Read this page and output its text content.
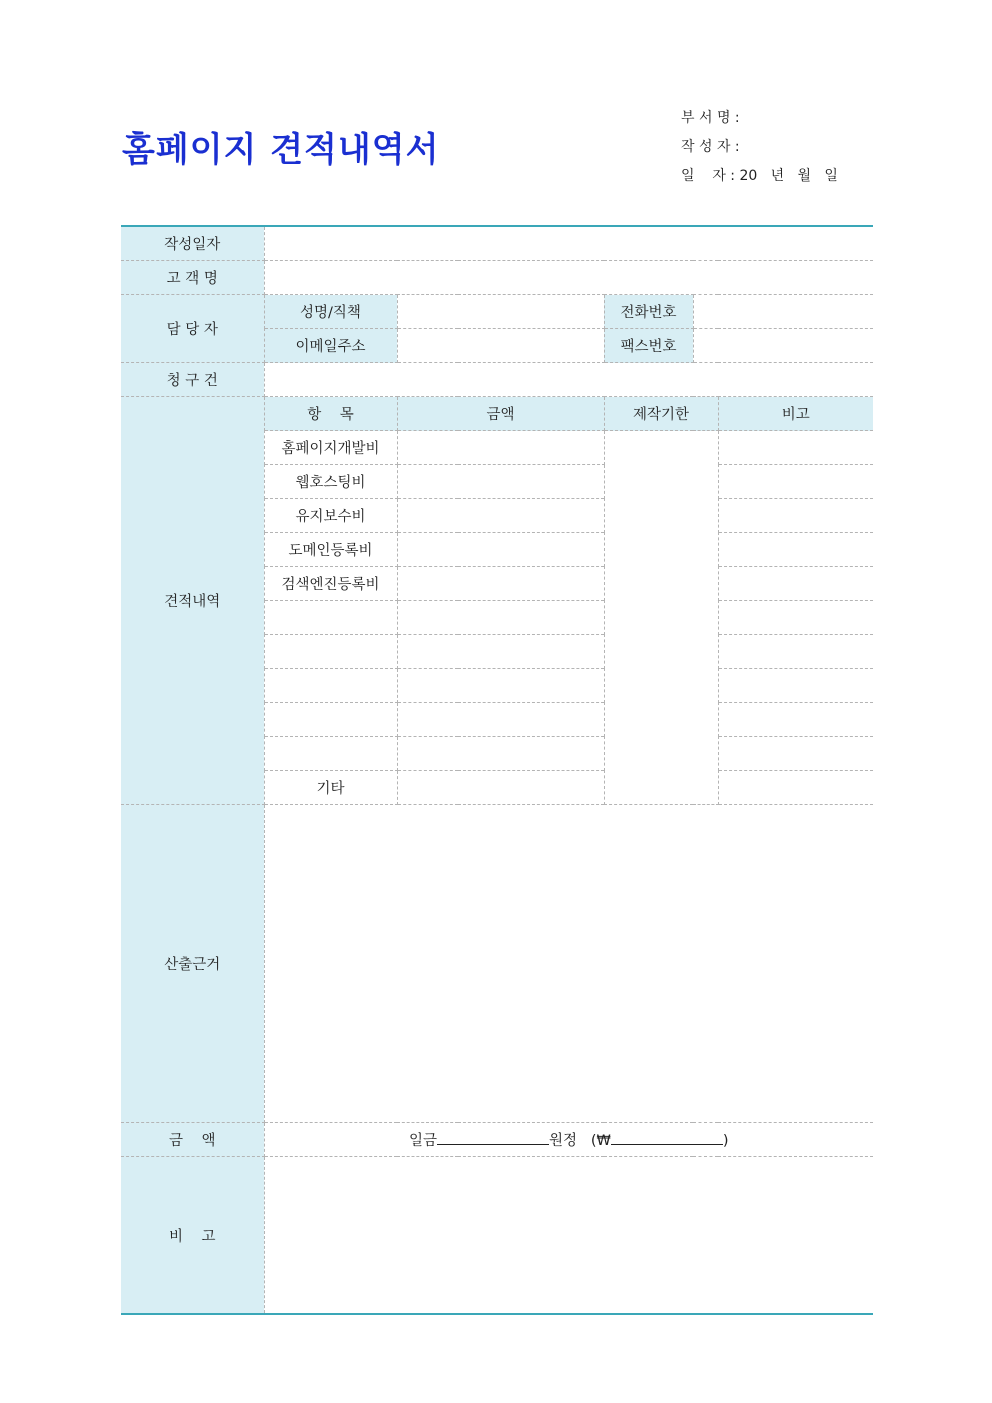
홈페이지 견적내역서
부 서 명 :
작 성 자 :
일    자 : 20   년   월   일
작성일자					
고 객 명					
담 당 자	성명/직책		전화번호		
	이메일주소		팩스번호		
청 구 건					
견적내역	항    목	금액	제작기한		비고
	홈페이지개발비				
	웹호스팅비				
	유지보수비				
	도메인등록비				
	검색엔진등록비				

	기타				
산출근거					
금    액	일금 원정   (₩ )				
비    고					
